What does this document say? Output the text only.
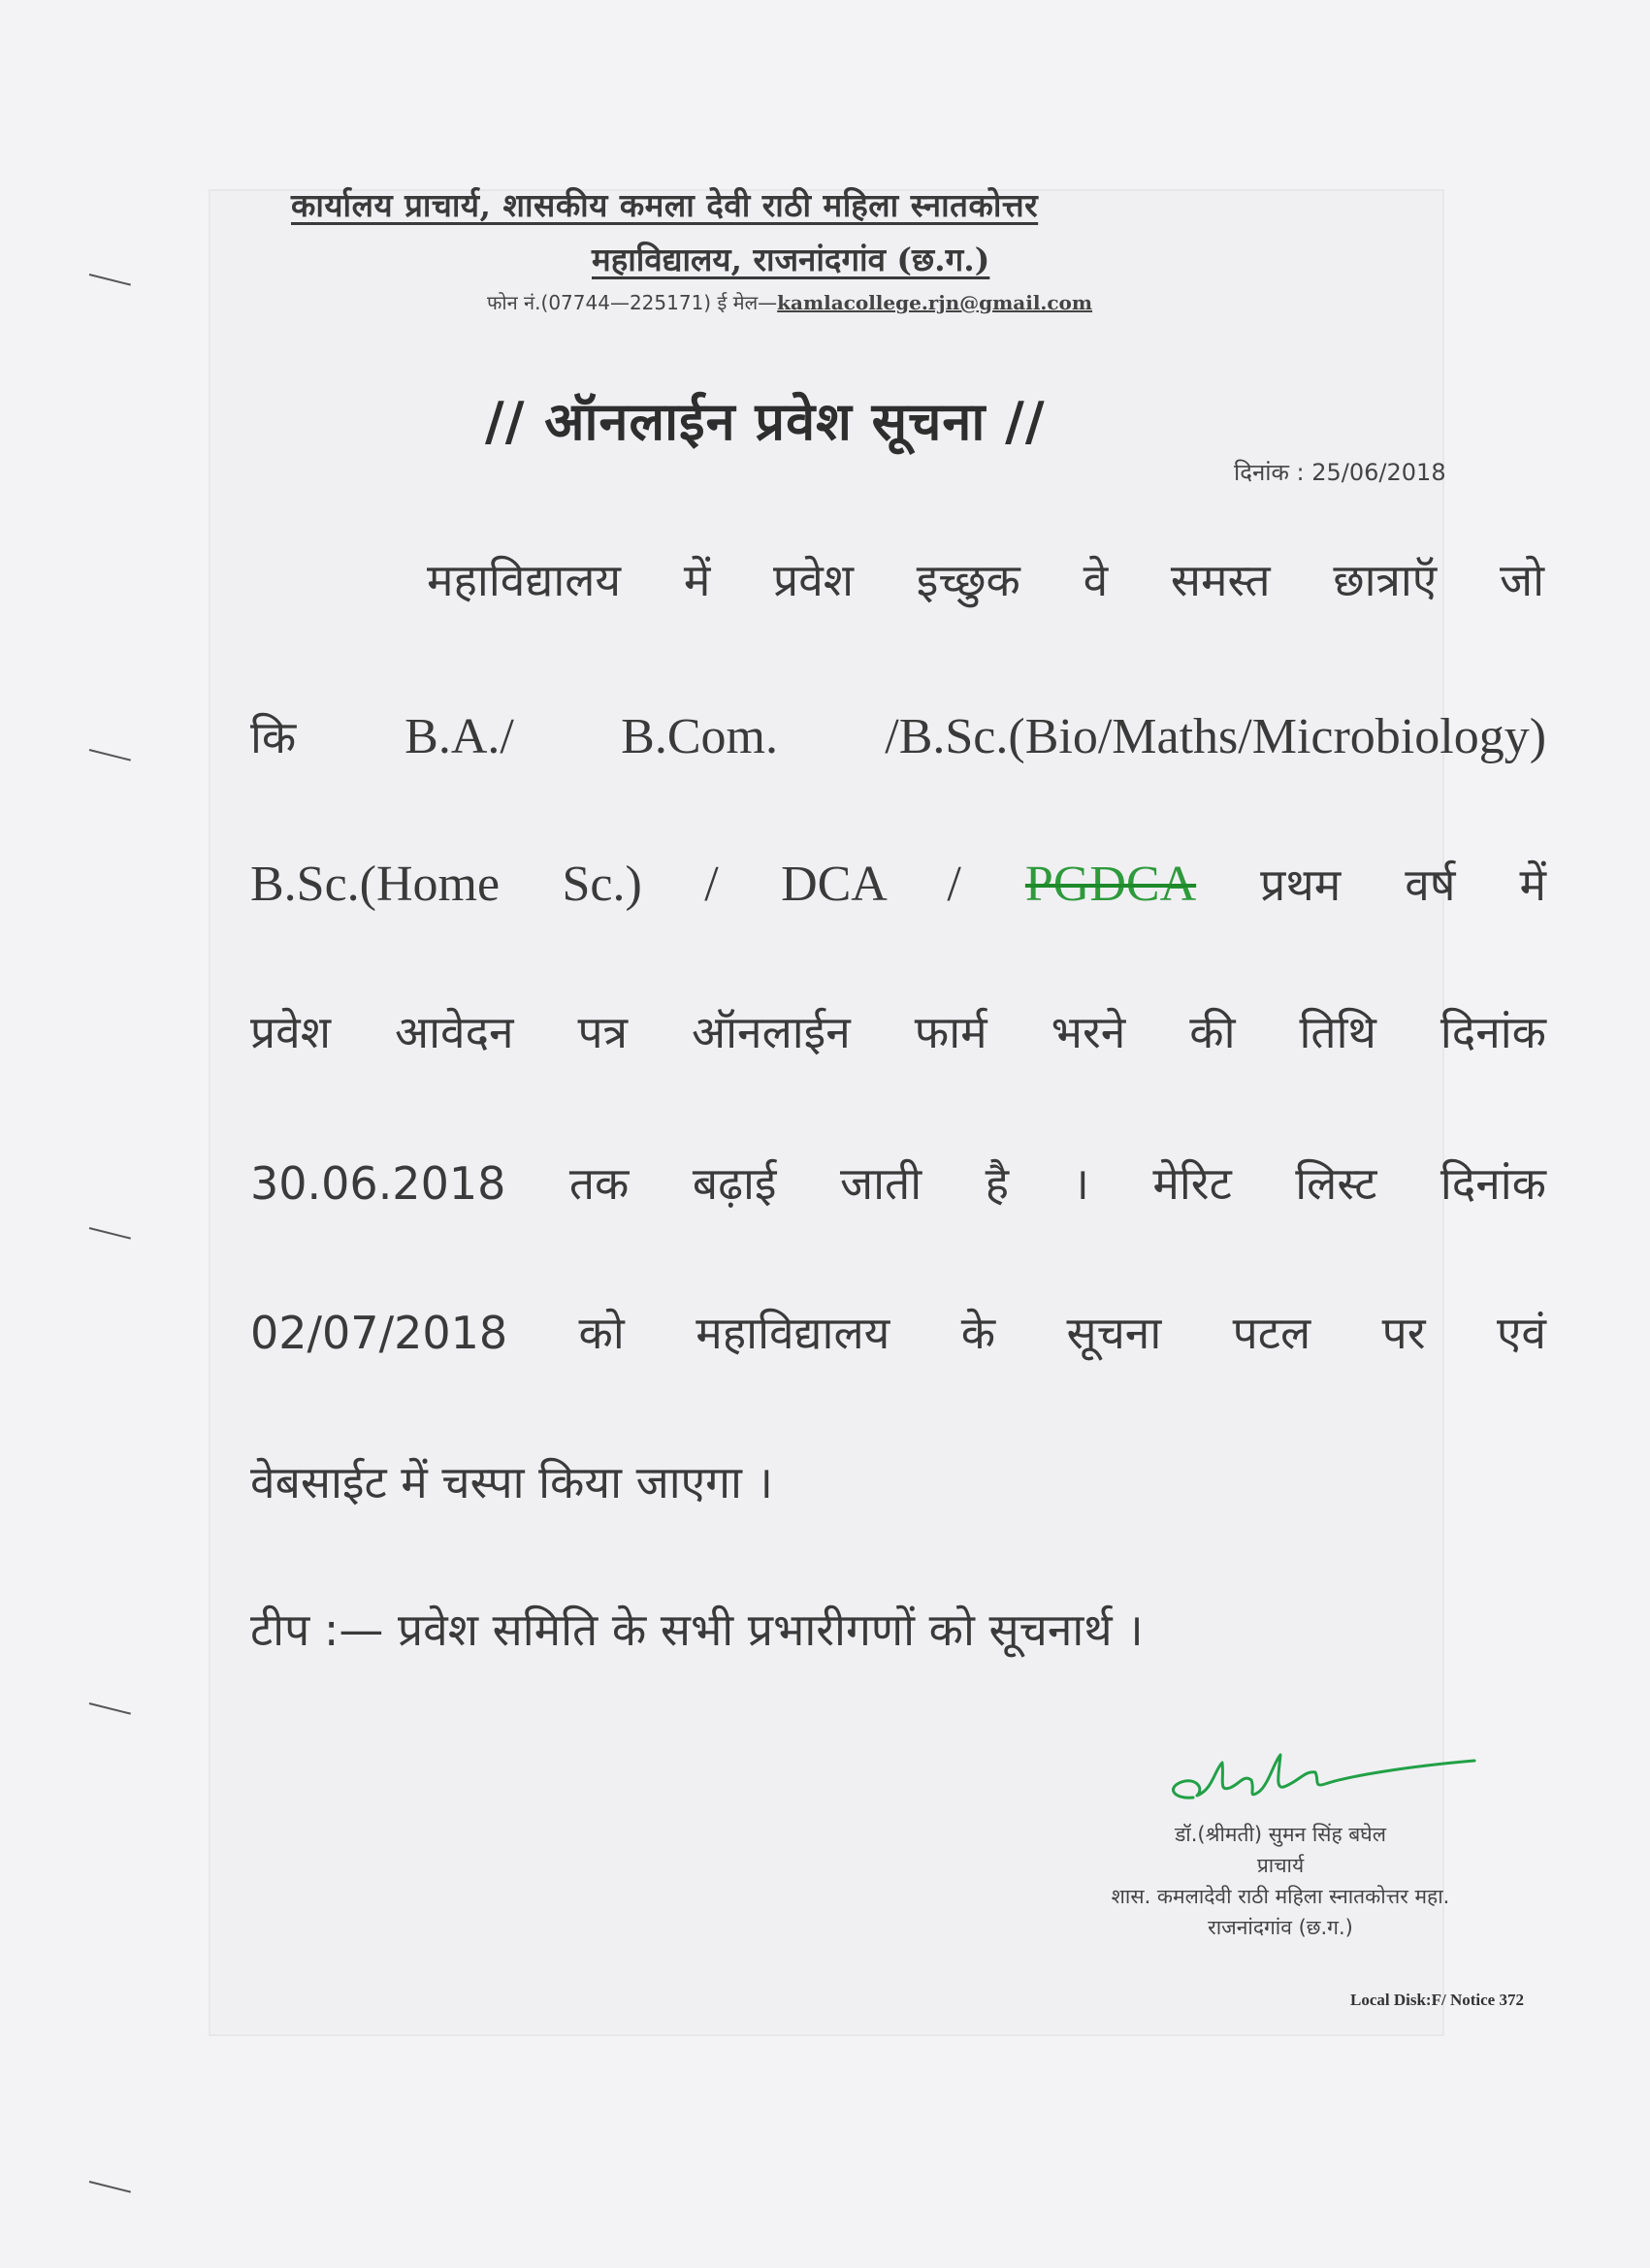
कार्यालय प्राचार्य, शासकीय कमला देवी राठी महिला स्नातकोत्तर
महाविद्यालय, राजनांदगांव (छ.ग.)
फोन नं.(07744—225171) ई मेल—kamlacollege.rjn@gmail.com
// ऑनलाईन प्रवेश सूचना //
दिनांक : 25/06/2018
महाविद्यालय में प्रवेश इच्छुक वे समस्त छात्राऍ जो
कि B.A./ B.Com. /B.Sc.(Bio/Maths/Microbiology)
B.Sc.(Home Sc.) / DCA / PGDCA प्रथम वर्ष में
प्रवेश आवेदन पत्र ऑनलाईन फार्म भरने की तिथि दिनांक
30.06.2018 तक बढ़ाई जाती है । मेरिट लिस्ट दिनांक
02/07/2018 को महाविद्यालय के सूचना पटल पर एवं
वेबसाईट में चस्पा किया जाएगा ।
टीप :— प्रवेश समिति के सभी प्रभारीगणों को सूचनार्थ ।
डॉ.(श्रीमती) सुमन सिंह बघेल
प्राचार्य
शास. कमलादेवी राठी महिला स्नातकोत्तर महा.
राजनांदगांव (छ.ग.)
Local Disk:F/ Notice 372
